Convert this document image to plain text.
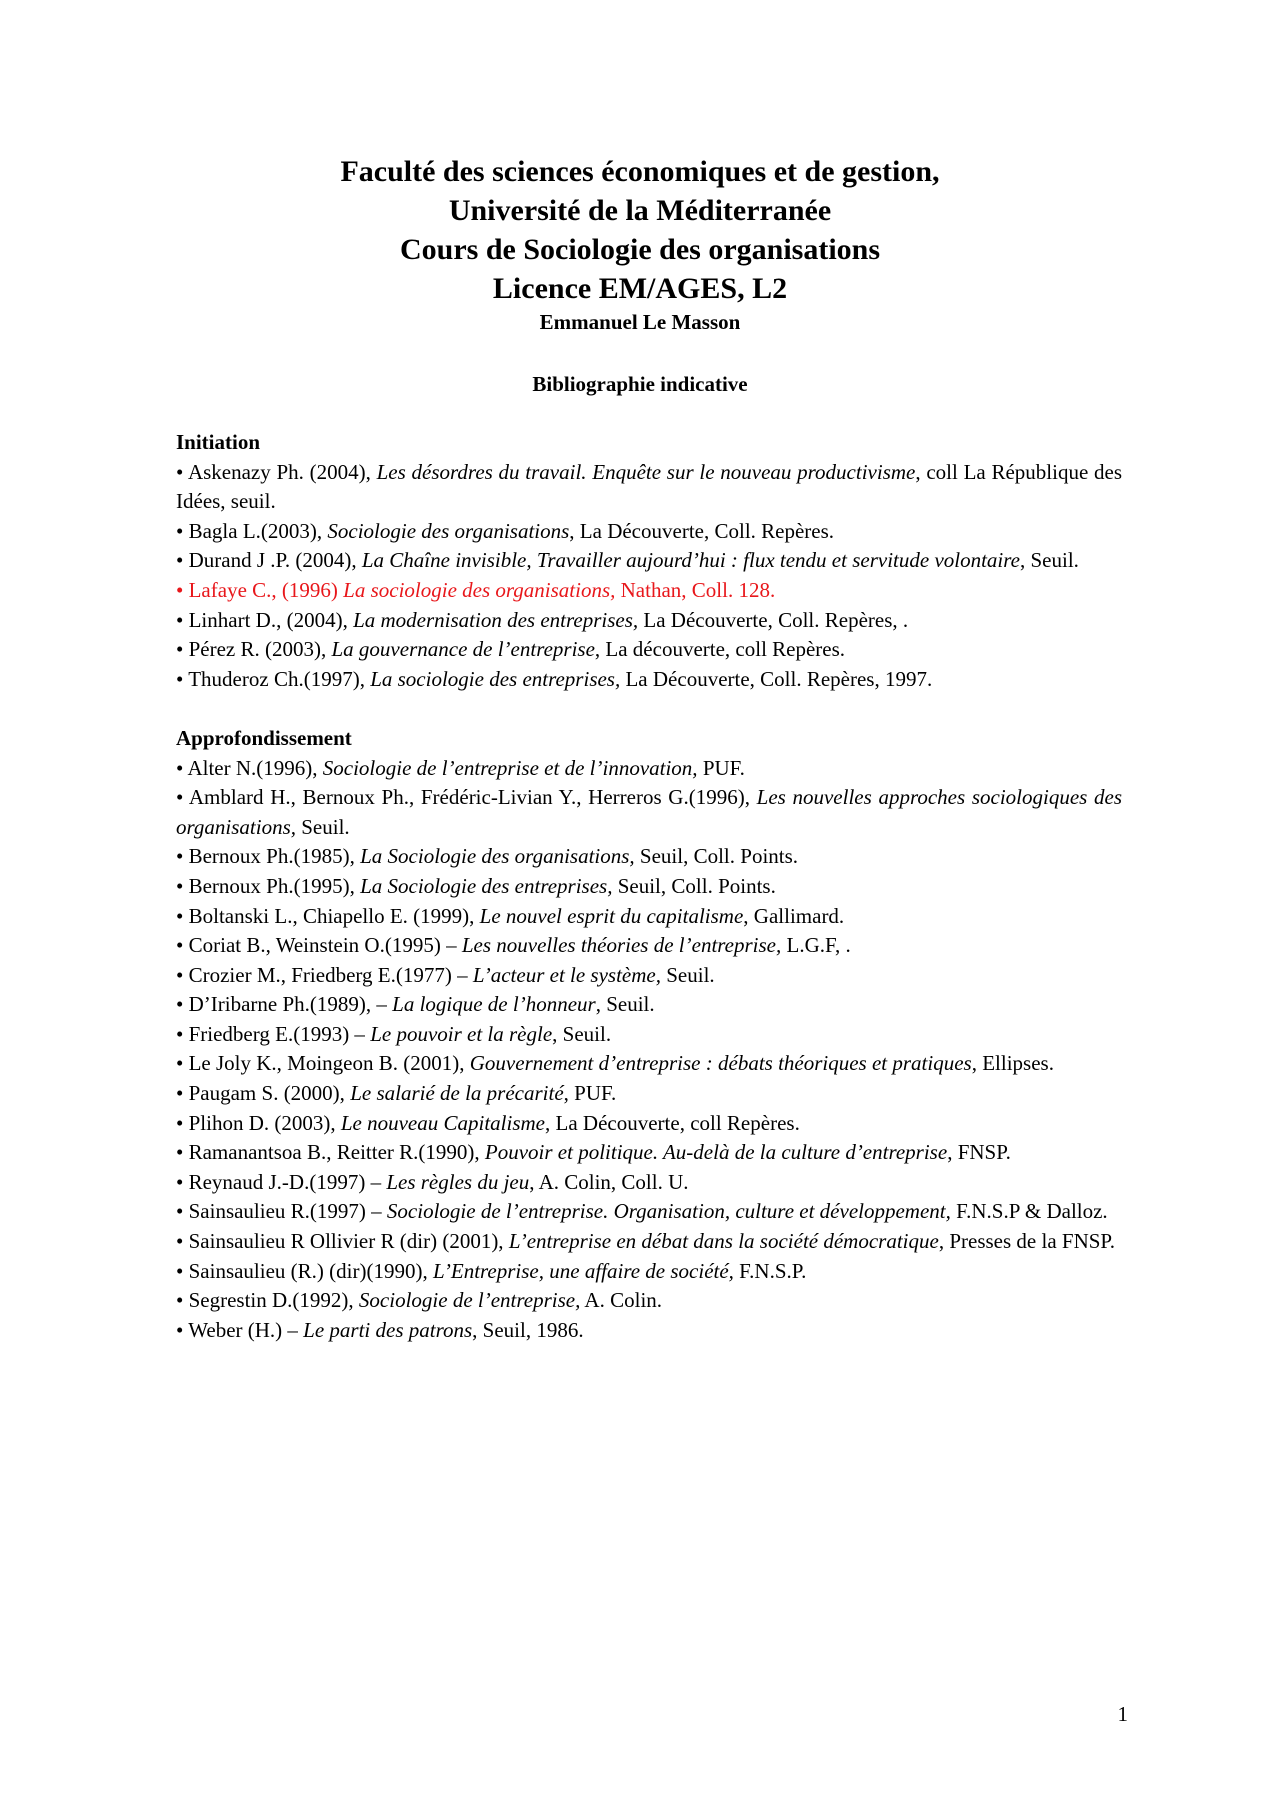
Faculté des sciences économiques et de gestion,
Université de la Méditerranée
Cours de Sociologie des organisations
Licence EM/AGES, L2
Emmanuel Le Masson
Bibliographie indicative
Initiation
• Askenazy Ph. (2004), Les désordres du travail. Enquête sur le nouveau productivisme, coll La République des Idées, seuil.
• Bagla L.(2003), Sociologie des organisations, La Découverte, Coll. Repères.
• Durand J .P. (2004), La Chaîne invisible, Travailler aujourd’hui : flux tendu et servitude volontaire, Seuil.
• Lafaye C., (1996) La sociologie des organisations, Nathan, Coll. 128.
• Linhart D., (2004), La modernisation des entreprises, La Découverte, Coll. Repères, .
• Pérez R. (2003), La gouvernance de l’entreprise, La découverte, coll Repères.
• Thuderoz Ch.(1997), La sociologie des entreprises, La Découverte, Coll. Repères, 1997.
Approfondissement
• Alter N.(1996), Sociologie de l’entreprise et de l’innovation, PUF.
• Amblard H., Bernoux Ph., Frédéric-Livian Y., Herreros G.(1996), Les nouvelles approches sociologiques des organisations, Seuil.
• Bernoux Ph.(1985), La Sociologie des organisations, Seuil, Coll. Points.
• Bernoux Ph.(1995), La Sociologie des entreprises, Seuil, Coll. Points.
• Boltanski L., Chiapello E. (1999), Le nouvel esprit du capitalisme, Gallimard.
• Coriat B., Weinstein O.(1995) – Les nouvelles théories de l’entreprise, L.G.F, .
• Crozier M., Friedberg E.(1977) – L’acteur et le système, Seuil.
• D’Iribarne Ph.(1989), – La logique de l’honneur, Seuil.
• Friedberg E.(1993) – Le pouvoir et la règle, Seuil.
• Le Joly K., Moingeon B. (2001), Gouvernement d’entreprise : débats théoriques et pratiques, Ellipses.
• Paugam S. (2000), Le salarié de la précarité, PUF.
• Plihon D. (2003), Le nouveau Capitalisme, La Découverte, coll Repères.
• Ramanantsoa B., Reitter R.(1990), Pouvoir et politique. Au-delà de la culture d’entreprise, FNSP.
• Reynaud J.-D.(1997) – Les règles du jeu, A. Colin, Coll. U.
• Sainsaulieu R.(1997) – Sociologie de l’entreprise. Organisation, culture et développement, F.N.S.P & Dalloz.
• Sainsaulieu R Ollivier R (dir) (2001), L’entreprise en débat dans la société démocratique, Presses de la FNSP.
• Sainsaulieu (R.) (dir)(1990), L’Entreprise, une affaire de société, F.N.S.P.
• Segrestin D.(1992), Sociologie de l’entreprise, A. Colin.
• Weber (H.) – Le parti des patrons, Seuil, 1986.
1
